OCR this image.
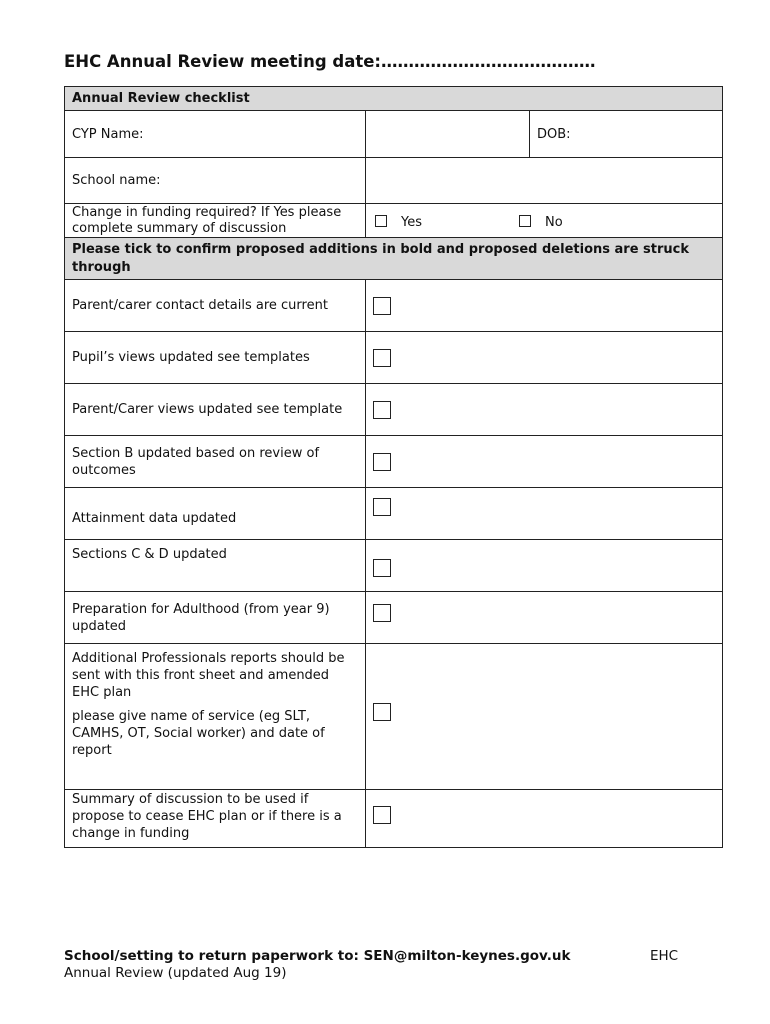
EHC Annual Review meeting date:…………………………………
Annual Review checklist		
CYP Name:		DOB:
School name:		
Change in funding required? If Yes please complete summary of discussion	Yes No	

Please tick to confirm proposed additions in bold and proposed deletions are struck through		
Parent/carer contact details are current		
Pupil’s views updated see templates		
Parent/Carer views updated see template		
Section B updated based on review of outcomes		
Attainment data updated		
Sections C & D updated		
Preparation for Adulthood (from year 9) updated		

Additional Professionals reports should be sent with this front sheet and amended EHC plan
please give name of service (eg SLT, CAMHS, OT, Social worker) and date of report		

Summary of discussion to be used if propose to cease EHC plan or if there is a change in funding		
School/setting to return paperwork to: SEN@milton-keynes.gov.uk
Annual Review (updated Aug 19)
EHC
